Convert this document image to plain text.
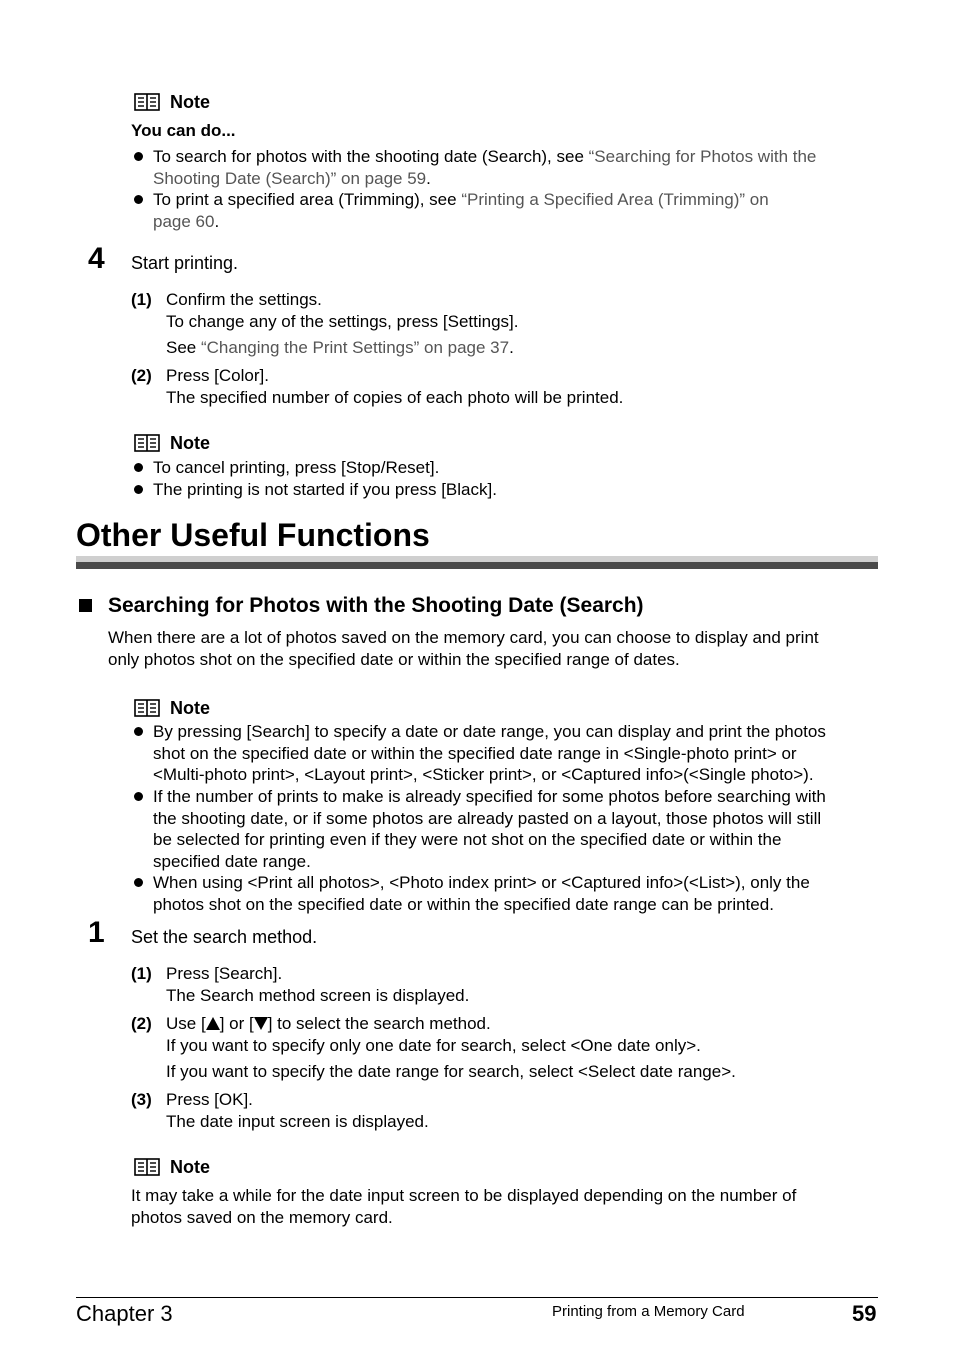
Note
You can do...
To search for photos with the shooting date (Search), see “Searching for Photos with the
Shooting Date (Search)” on page 59.
To print a specified area (Trimming), see “Printing a Specified Area (Trimming)” on
page 60.
4 Start printing.
(1) Confirm the settings.
To change any of the settings, press [Settings].
See “Changing the Print Settings” on page 37.
(2) Press [Color].
The specified number of copies of each photo will be printed.
Note
To cancel printing, press [Stop/Reset].
The printing is not started if you press [Black].
Other Useful Functions
Searching for Photos with the Shooting Date (Search)
When there are a lot of photos saved on the memory card, you can choose to display and print
only photos shot on the specified date or within the specified range of dates.
Note
By pressing [Search] to specify a date or date range, you can display and print the photos
shot on the specified date or within the specified date range in <Single-photo print> or
<Multi-photo print>, <Layout print>, <Sticker print>, or <Captured info>(<Single photo>).
If the number of prints to make is already specified for some photos before searching with
the shooting date, or if some photos are already pasted on a layout, those photos will still
be selected for printing even if they were not shot on the specified date or within the
specified date range.
When using <Print all photos>, <Photo index print> or <Captured info>(<List>), only the
photos shot on the specified date or within the specified date range can be printed.
1 Set the search method.
(1) Press [Search].
The Search method screen is displayed.
(2) Use [ ] or [ ] to select the search method.
If you want to specify only one date for search, select <One date only>.
If you want to specify the date range for search, select <Select date range>.
(3) Press [OK].
The date input screen is displayed.
Note
It may take a while for the date input screen to be displayed depending on the number of
photos saved on the memory card.
Chapter 3	Printing from a Memory Card	59
